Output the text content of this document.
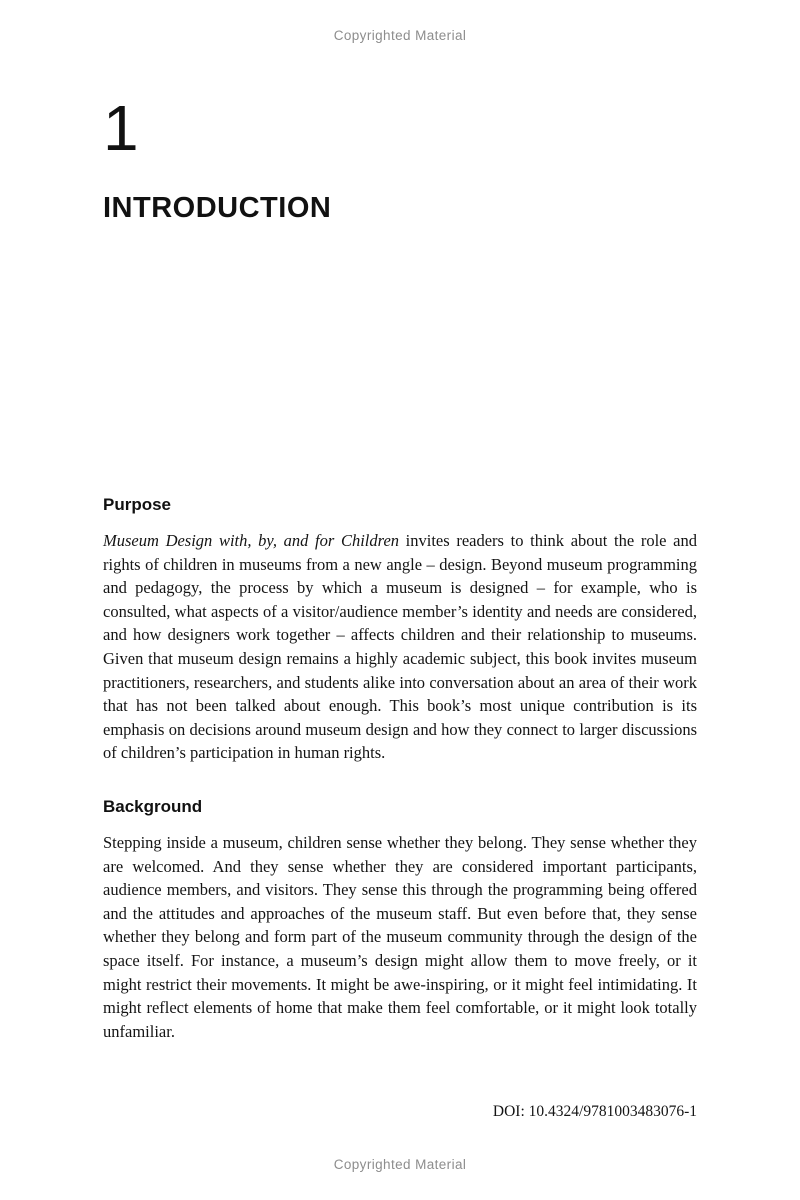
Copyrighted Material
1
INTRODUCTION
Purpose

Museum Design with, by, and for Children invites readers to think about the role and rights of children in museums from a new angle – design. Beyond museum programming and pedagogy, the process by which a museum is designed – for example, who is consulted, what aspects of a visitor/audience member’s identity and needs are considered, and how designers work together – affects children and their relationship to museums. Given that museum design remains a highly academic subject, this book invites museum practitioners, researchers, and students alike into conversation about an area of their work that has not been talked about enough. This book’s most unique contribution is its emphasis on decisions around museum design and how they connect to larger discussions of children’s participation in human rights.

Background

Stepping inside a museum, children sense whether they belong. They sense whether they are welcomed. And they sense whether they are considered important participants, audience members, and visitors. They sense this through the programming being offered and the attitudes and approaches of the museum staff. But even before that, they sense whether they belong and form part of the museum community through the design of the space itself. For instance, a museum’s design might allow them to move freely, or it might restrict their movements. It might be awe-inspiring, or it might feel intimidating. It might reflect elements of home that make them feel comfortable, or it might look totally unfamiliar.

DOI: 10.4324/9781003483076-1
Copyrighted Material
